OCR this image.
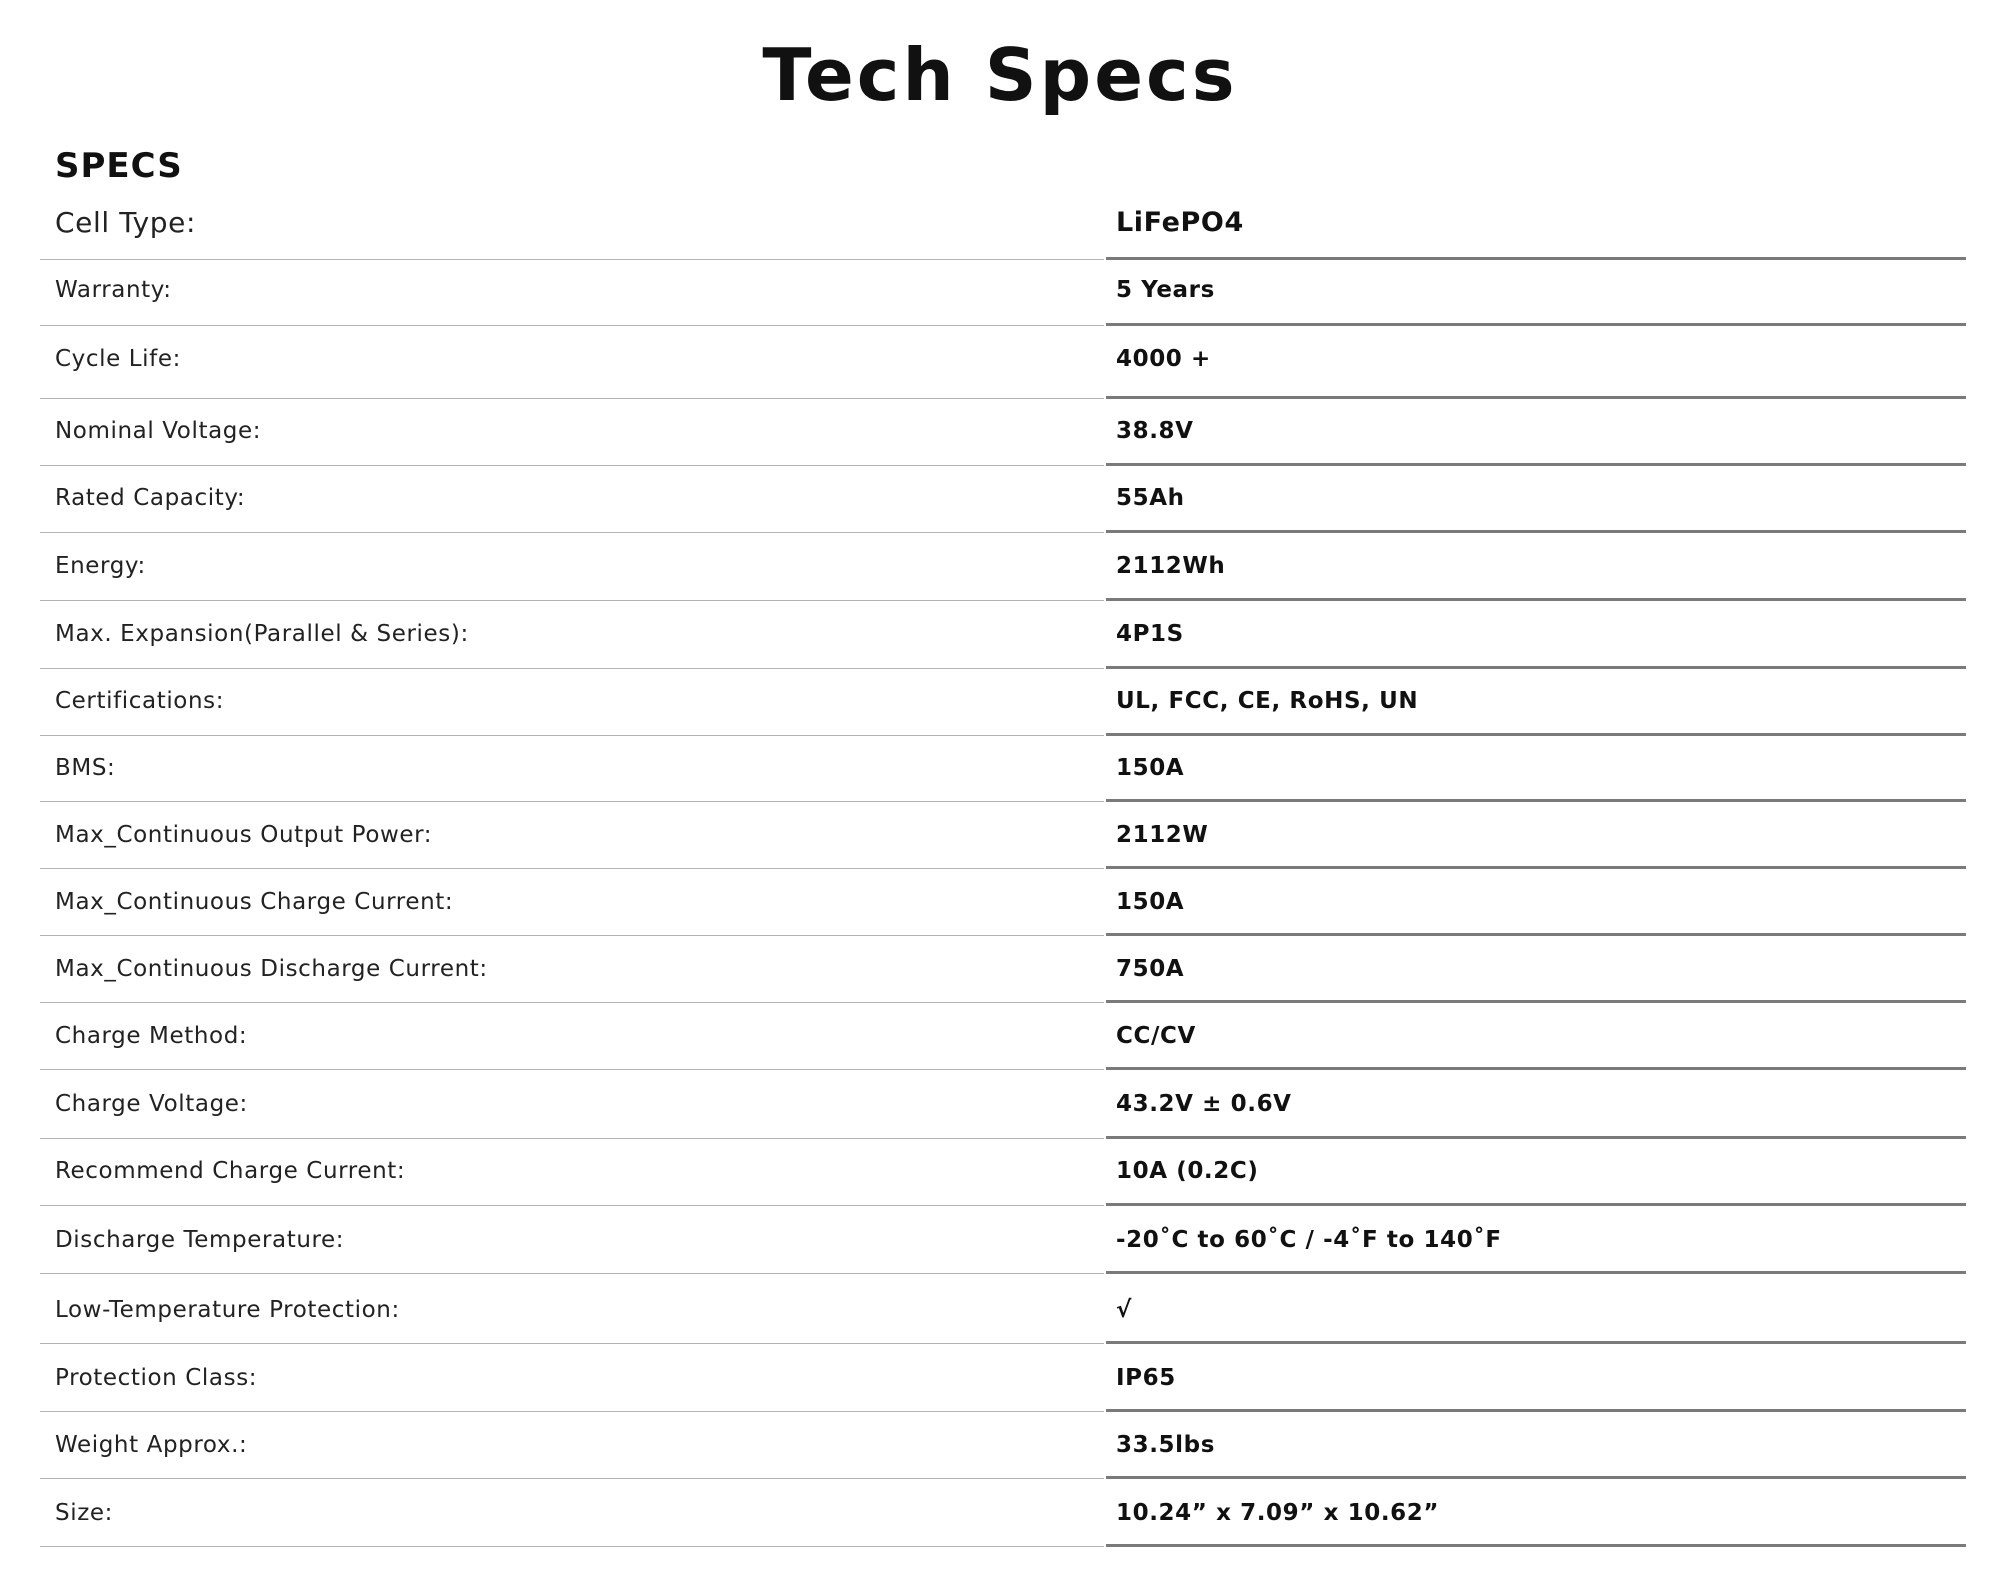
Tech Specs
SPECS
Cell Type:	LiFePO4
Warranty:	5 Years
Cycle Life:	4000 +
Nominal Voltage:	38.8V
Rated Capacity:	55Ah
Energy:	2112Wh
Max. Expansion(Parallel & Series):	4P1S
Certifications:	UL, FCC, CE, RoHS, UN
BMS:	150A
Max_Continuous Output Power:	2112W
Max_Continuous Charge Current:	150A
Max_Continuous Discharge Current:	750A
Charge Method:	CC/CV
Charge Voltage:	43.2V ± 0.6V
Recommend Charge Current:	10A (0.2C)
Discharge Temperature:	-20˚C to 60˚C / -4˚F to 140˚F
Low-Temperature Protection:	√
Protection Class:	IP65
Weight Approx.:	33.5lbs
Size:	10.24” x 7.09” x 10.62”
